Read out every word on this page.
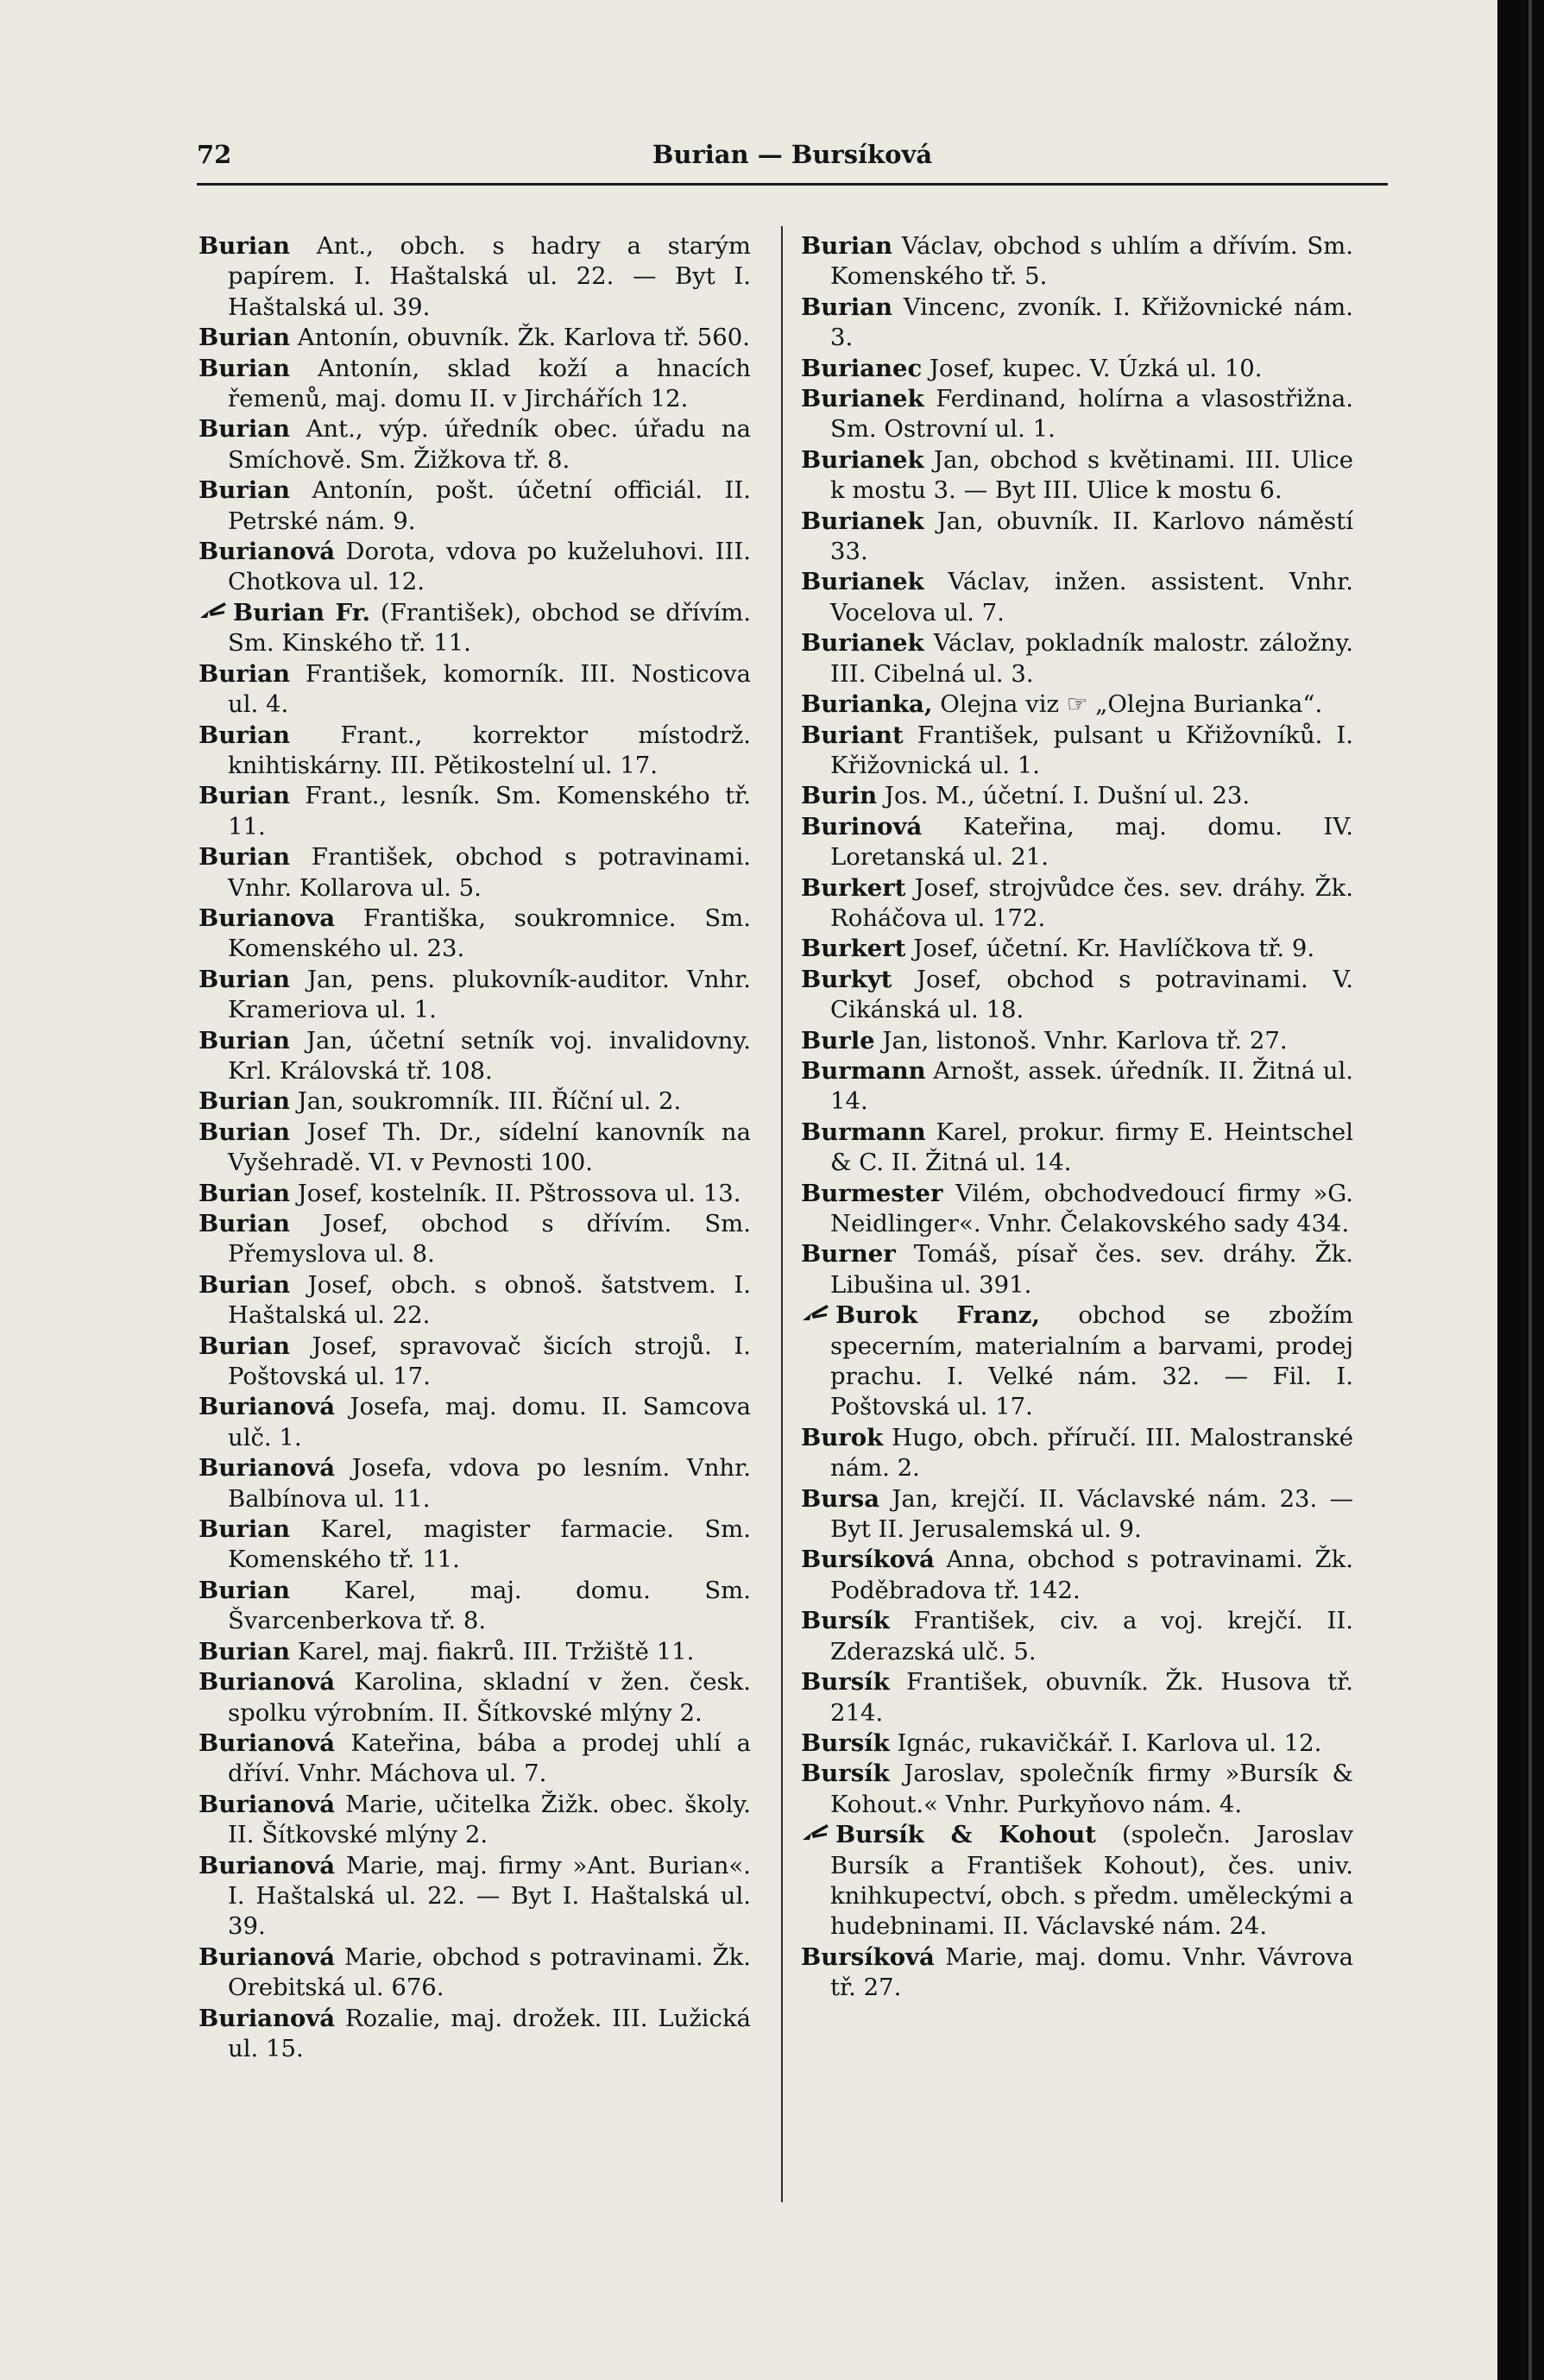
72	Burian — Bursíková

Burian Ant., obch. s hadry a starým papírem. I. Haštalská ul. 22. — Byt I. Haštalská ul. 39.

Burian Antonín, obuvník. Žk. Karlova tř. 560.

Burian Antonín, sklad koží a hnacích řemenů, maj. domu II. v Jirchářích 12.

Burian Ant., výp. úředník obec. úřadu na Smíchově. Sm. Žižkova tř. 8.

Burian Antonín, pošt. účetní officiál. II. Petrské nám. 9.

Burianová Dorota, vdova po kuželuhovi. III. Chotkova ul. 12.

Burian Fr. (František), obchod se dřívím. Sm. Kinského tř. 11.

Burian František, komorník. III. Nosticova ul. 4.

Burian Frant., korrektor místodrž. knihtiskárny. III. Pětikostelní ul. 17.

Burian Frant., lesník. Sm. Komenského tř. 11.

Burian František, obchod s potravinami. Vnhr. Kollarova ul. 5.

Burianova Františka, soukromnice. Sm. Komenského ul. 23.

Burian Jan, pens. plukovník-auditor. Vnhr. Krameriova ul. 1.

Burian Jan, účetní setník voj. invalidovny. Krl. Královská tř. 108.

Burian Jan, soukromník. III. Říční ul. 2.

Burian Josef Th. Dr., sídelní kanovník na Vyšehradě. VI. v Pevnosti 100.

Burian Josef, kostelník. II. Pštrossova ul. 13.

Burian Josef, obchod s dřívím. Sm. Přemyslova ul. 8.

Burian Josef, obch. s obnoš. šatstvem. I. Haštalská ul. 22.

Burian Josef, spravovač šicích strojů. I. Poštovská ul. 17.

Burianová Josefa, maj. domu. II. Samcova ulč. 1.

Burianová Josefa, vdova po lesním. Vnhr. Balbínova ul. 11.

Burian Karel, magister farmacie. Sm. Komenského tř. 11.

Burian Karel, maj. domu. Sm. Švarcenberkova tř. 8.

Burian Karel, maj. fiakrů. III. Tržiště 11.

Burianová Karolina, skladní v žen. česk. spolku výrobním. II. Šítkovské mlýny 2.

Burianová Kateřina, bába a prodej uhlí a dříví. Vnhr. Máchova ul. 7.

Burianová Marie, učitelka Žižk. obec. školy. II. Šítkovské mlýny 2.

Burianová Marie, maj. firmy »Ant. Burian«. I. Haštalská ul. 22. — Byt I. Haštalská ul. 39.

Burianová Marie, obchod s potravinami. Žk. Orebitská ul. 676.

Burianová Rozalie, maj. drožek. III. Lužická ul. 15.

Burian Václav, obchod s uhlím a dřívím. Sm. Komenského tř. 5.

Burian Vincenc, zvoník. I. Křižovnické nám. 3.

Burianec Josef, kupec. V. Úzká ul. 10.

Burianek Ferdinand, holírna a vlasostřižna. Sm. Ostrovní ul. 1.

Burianek Jan, obchod s květinami. III. Ulice k mostu 3. — Byt III. Ulice k mostu 6.

Burianek Jan, obuvník. II. Karlovo náměstí 33.

Burianek Václav, inžen. assistent. Vnhr. Vocelova ul. 7.

Burianek Václav, pokladník malostr. záložny. III. Cibelná ul. 3.

Burianka, Olejna viz ☞ „Olejna Burianka“.

Buriant František, pulsant u Křižovníků. I. Křižovnická ul. 1.

Burin Jos. M., účetní. I. Dušní ul. 23.

Burinová Kateřina, maj. domu. IV. Loretanská ul. 21.

Burkert Josef, strojvůdce čes. sev. dráhy. Žk. Roháčova ul. 172.

Burkert Josef, účetní. Kr. Havlíčkova tř. 9.

Burkyt Josef, obchod s potravinami. V. Cikánská ul. 18.

Burle Jan, listonoš. Vnhr. Karlova tř. 27.

Burmann Arnošt, assek. úředník. II. Žitná ul. 14.

Burmann Karel, prokur. firmy E. Heintschel & C. II. Žitná ul. 14.

Burmester Vilém, obchodvedoucí firmy »G. Neidlinger«. Vnhr. Čelakovského sady 434.

Burner Tomáš, písař čes. sev. dráhy. Žk. Libušina ul. 391.

Burok Franz, obchod se zbožím specerním, materialním a barvami, prodej prachu. I. Velké nám. 32. — Fil. I. Poštovská ul. 17.

Burok Hugo, obch. příručí. III. Malostranské nám. 2.

Bursa Jan, krejčí. II. Václavské nám. 23. — Byt II. Jerusalemská ul. 9.

Bursíková Anna, obchod s potravinami. Žk. Poděbradova tř. 142.

Bursík František, civ. a voj. krejčí. II. Zderazská ulč. 5.

Bursík František, obuvník. Žk. Husova tř. 214.

Bursík Ignác, rukavičkář. I. Karlova ul. 12.

Bursík Jaroslav, společník firmy »Bursík & Kohout.« Vnhr. Purkyňovo nám. 4.

Bursík & Kohout (společn. Jaroslav Bursík a František Kohout), čes. univ. knihkupectví, obch. s předm. uměleckými a hudebninami. II. Václavské nám. 24.

Bursíková Marie, maj. domu. Vnhr. Vávrova tř. 27.
